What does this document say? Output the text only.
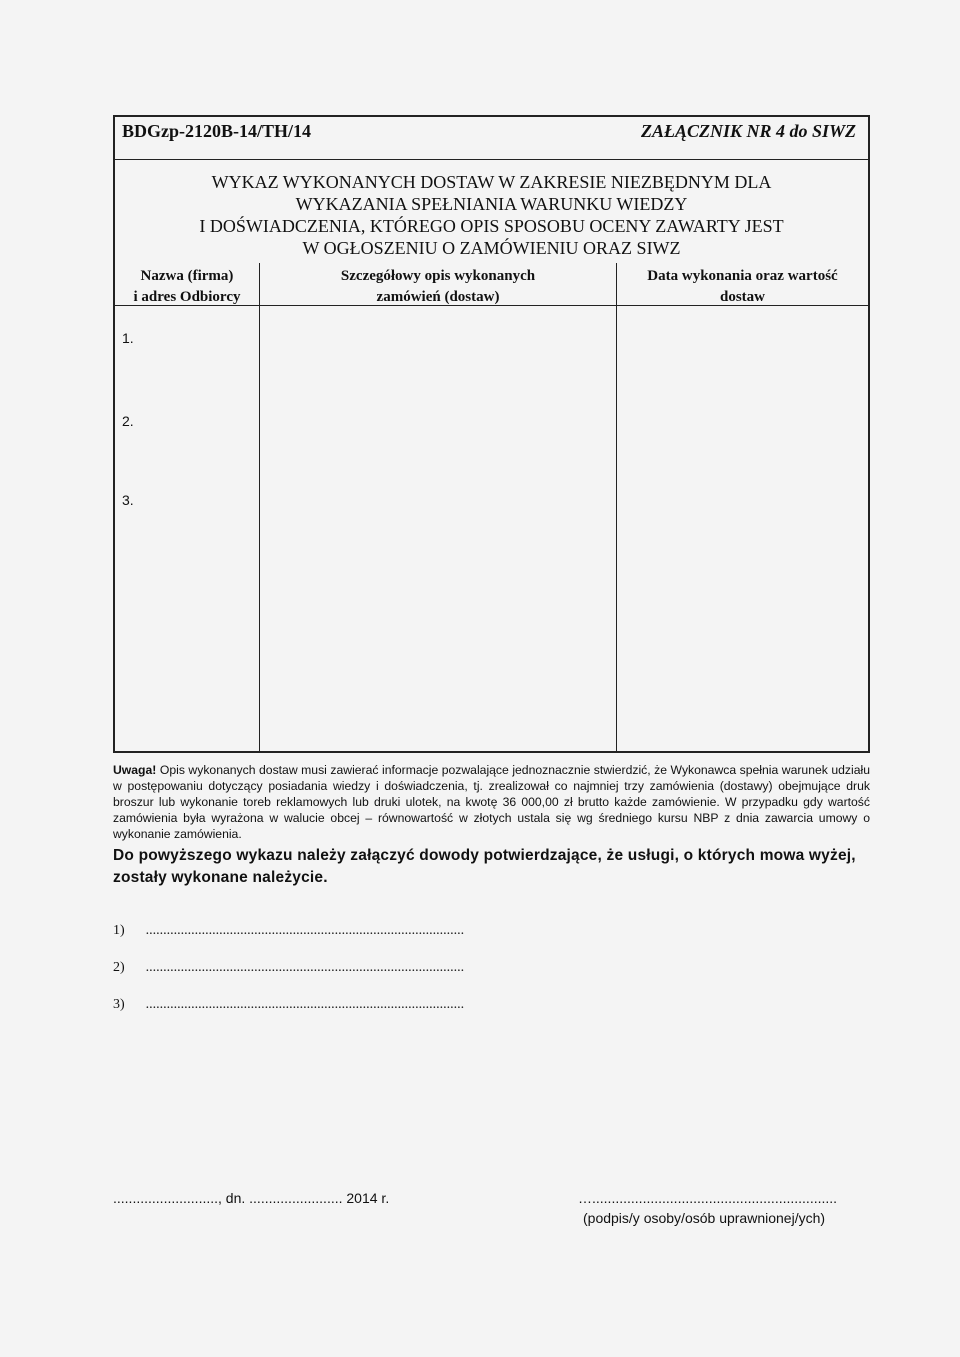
BDGzp-2120B-14/TH/14	ZAŁĄCZNIK NR 4 do SIWZ
WYKAZ WYKONANYCH DOSTAW W ZAKRESIE NIEZBĘDNYM DLA
WYKAZANIA SPEŁNIANIA WARUNKU WIEDZY
I DOŚWIADCZENIA, KTÓREGO OPIS SPOSOBU OCENY ZAWARTY JEST
W OGŁOSZENIU O ZAMÓWIENIU ORAZ SIWZ
Nazwa (firma)
i adres Odbiorcy
Szczegółowy opis wykonanych
zamówień (dostaw)
Data wykonania oraz wartość
dostaw
1.
2.
3.
Uwaga! Opis wykonanych dostaw musi zawierać informacje pozwalające jednoznacznie stwierdzić, że Wykonawca spełnia warunek udziału w postępowaniu dotyczący posiadania wiedzy i doświadczenia, tj. zrealizował co najmniej trzy zamówienia (dostawy) obejmujące druk broszur lub wykonanie toreb reklamowych lub druki ulotek, na kwotę 36 000,00 zł brutto każde zamówienie. W przypadku gdy wartość zamówienia była wyrażona w walucie obcej – równowartość w złotych ustala się wg średniego kursu NBP z dnia zawarcia umowy o wykonanie zamówienia.
Do powyższego wykazu należy załączyć dowody potwierdzające, że usługi, o których mowa wyżej, zostały wykonane należycie.
1) ...........................................................................................
2) ...........................................................................................
3) ...........................................................................................
..........................., dn. ........................ 2014 r.	…...............................................................
(podpis/y osoby/osób uprawnionej/ych)
